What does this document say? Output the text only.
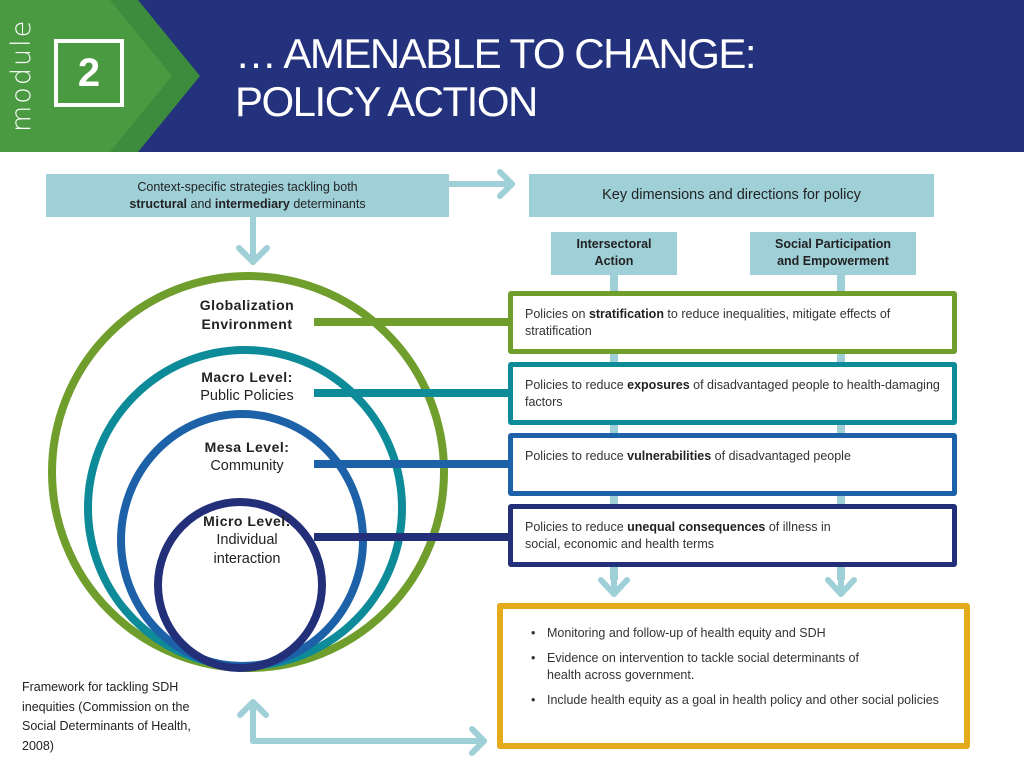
module	2	… AMENABLE TO CHANGE:
POLICY ACTION
Context-specific strategies tackling both
structural and intermediary determinants
Key dimensions and directions for policy
Intersectoral
Action
Social Participation
and Empowerment
Globalization
Environment
Macro Level:
Public Policies
Mesa Level:
Community
Micro Level:
Individual interaction
Policies on stratification to reduce inequalities, mitigate effects of stratification
Policies to reduce exposures of disadvantaged people to health-damaging factors
Policies to reduce vulnerabilities of disadvantaged people
Policies to reduce unequal consequences of illness in social, economic and health terms
• Monitoring and follow-up of health equity and SDH
• Evidence on intervention to tackle social determinants of health across government.
• Include health equity as a goal in health policy and other social policies
Framework for tackling SDH inequities (Commission on the Social Determinants of Health, 2008)
